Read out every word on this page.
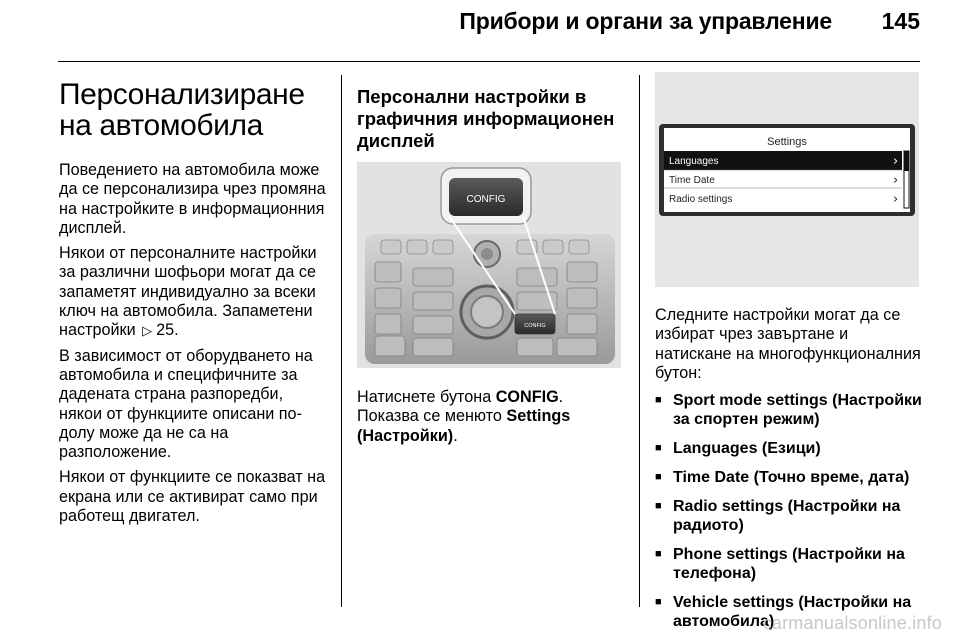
Прибори и органи за управление 145
Персонализиране на автомобила

Поведението на автомобила може да се персонализира чрез промяна на настройките в информационния дисплей.

Някои от персоналните настройки за различни шофьори могат да се запаметят индивидуално за всеки ключ на автомобила. Запаметени настройки ▷ 25.

В зависимост от оборудването на автомобила и специфичните за дадената страна разпоредби, някои от функциите описани по-долу може да не са на разположение.

Някои от функциите се показват на екрана или се активират само при работещ двигател.

Персонални настройки в графичния информационен дисплей
CONFIG
CONFIG

Натиснете бутона CONFIG.
Показва се менюто Settings (Настройки).

Settings
Languages	›
Time Date	›
Radio settings	›

Следните настройки могат да се избират чрез завъртане и натискане на многофункционалния бутон:

■ Sport mode settings (Настройки за спортен режим)
■ Languages (Езици)
■ Time Date (Точно време, дата)
■ Radio settings (Настройки на радиото)
■ Phone settings (Настройки на телефона)
■ Vehicle settings (Настройки на автомобила)
carmanualsonline.info
